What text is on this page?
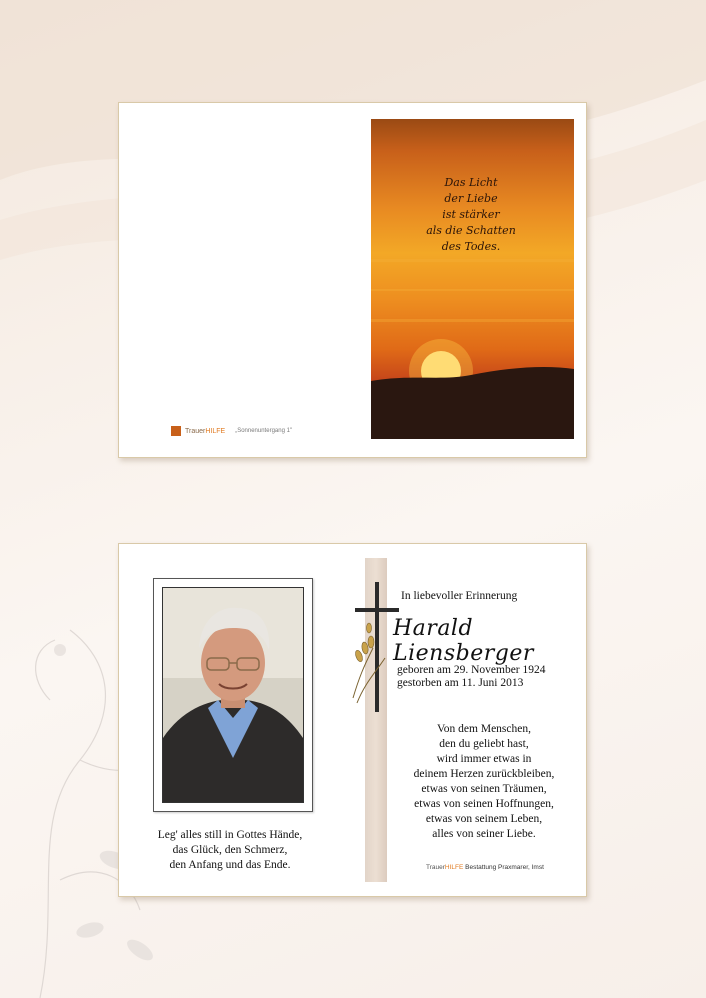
Das Licht
der Liebe
ist stärker
als die Schatten
des Todes.

TrauerHILFE „Sonnenuntergang 1"

Leg' alles still in Gottes Hände,
das Glück, den Schmerz,
den Anfang und das Ende.

In liebevoller Erinnerung

Harald Liensberger

geboren am 29. November 1924
gestorben am 11. Juni 2013

Von dem Menschen,
den du geliebt hast,
wird immer etwas in
deinem Herzen zurückbleiben,
etwas von seinen Träumen,
etwas von seinen Hoffnungen,
etwas von seinem Leben,
alles von seiner Liebe.

TrauerHILFE Bestattung Praxmarer, Imst
